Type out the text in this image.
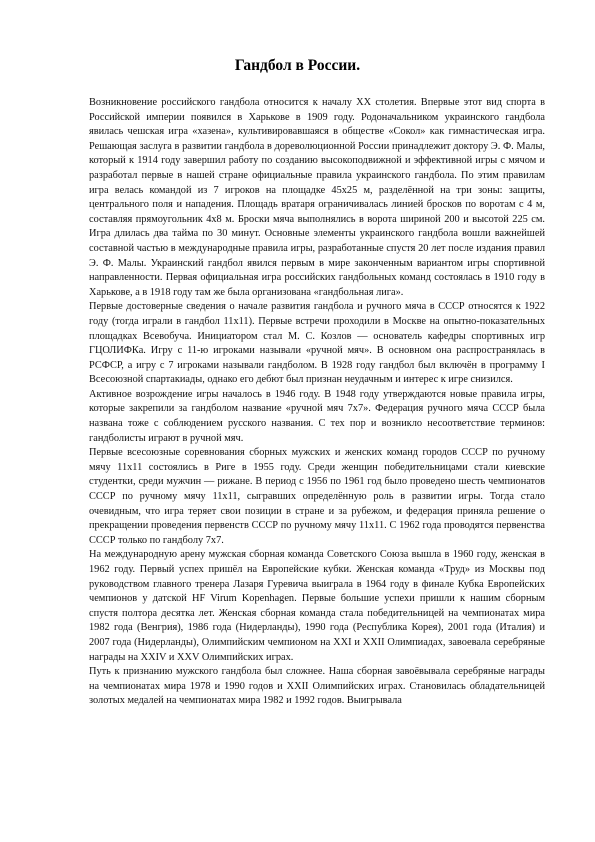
Гандбол в России.

Возникновение российского гандбола относится к началу XX столетия. Впервые этот вид спорта в Российской империи появился в Харькове в 1909 году. Родоначальником украинского гандбола явилась чешская игра «хазена», культивировавшаяся в обществе «Сокол» как гимнастическая игра. Решающая заслуга в развитии гандбола в дореволюционной России принадлежит доктору Э. Ф. Малы, который к 1914 году завершил работу по созданию высокоподвижной и эффективной игры с мячом и разработал первые в нашей стране официальные правила украинского гандбола. По этим правилам игра велась командой из 7 игроков на площадке 45х25 м, разделённой на три зоны: защиты, центрального поля и нападения. Площадь вратаря ограничивалась линией бросков по воротам с 4 м, составляя прямоугольник 4х8 м. Броски мяча выполнялись в ворота шириной 200 и высотой 225 см. Игра длилась два тайма по 30 минут. Основные элементы украинского гандбола вошли важнейшей составной частью в международные правила игры, разработанные спустя 20 лет после издания правил Э. Ф. Малы. Украинский гандбол явился первым в мире законченным вариантом игры спортивной направленности. Первая официальная игра российских гандбольных команд состоялась в 1910 году в Харькове, а в 1918 году там же была организована «гандбольная лига».

Первые достоверные сведения о начале развития гандбола и ручного мяча в СССР относятся к 1922 году (тогда играли в гандбол 11х11). Первые встречи проходили в Москве на опытно-показательных площадках Всевобуча. Инициатором стал М. С. Козлов — основатель кафедры спортивных игр ГЦОЛИФКа. Игру с 11-ю игроками называли «ручной мяч». В основном она распространялась в РСФСР, а игру с 7 игроками называли гандболом. В 1928 году гандбол был включён в программу I Всесоюзной спартакиады, однако его дебют был признан неудачным и интерес к игре снизился.

Активное возрождение игры началось в 1946 году. В 1948 году утверждаются новые правила игры, которые закрепили за гандболом название «ручной мяч 7х7». Федерация ручного мяча СССР была названа тоже с соблюдением русского названия. С тех пор и возникло несоответствие терминов: гандболисты играют в ручной мяч.

Первые всесоюзные соревнования сборных мужских и женских команд городов СССР по ручному мячу 11х11 состоялись в Риге в 1955 году. Среди женщин победительницами стали киевские студентки, среди мужчин — рижане. В период с 1956 по 1961 год было проведено шесть чемпионатов СССР по ручному мячу 11х11, сыгравших определённую роль в развитии игры. Тогда стало очевидным, что игра теряет свои позиции в стране и за рубежом, и федерация приняла решение о прекращении проведения первенств СССР по ручному мячу 11х11. С 1962 года проводятся первенства СССР только по гандболу 7х7.

На международную арену мужская сборная команда Советского Союза вышла в 1960 году, женская в 1962 году. Первый успех пришёл на Европейские кубки. Женская команда «Труд» из Москвы под руководством главного тренера Лазаря Гуревича выиграла в 1964 году в финале Кубка Европейских чемпионов у датской HF Virum Kopenhagen. Первые большие успехи пришли к нашим сборным спустя полтора десятка лет. Женская сборная команда стала победительницей на чемпионатах мира 1982 года (Венгрия), 1986 года (Нидерланды), 1990 года (Республика Корея), 2001 года (Италия) и 2007 года (Нидерланды), Олимпийским чемпионом на XXI и XXII Олимпиадах, завоевала серебряные награды на XXIV и XXV Олимпийских играх.

Путь к признанию мужского гандбола был сложнее. Наша сборная завоёвывала серебряные награды на чемпионатах мира 1978 и 1990 годов и XXII Олимпийских играх. Становилась обладательницей золотых медалей на чемпионатах мира 1982 и 1992 годов. Выигрывала
